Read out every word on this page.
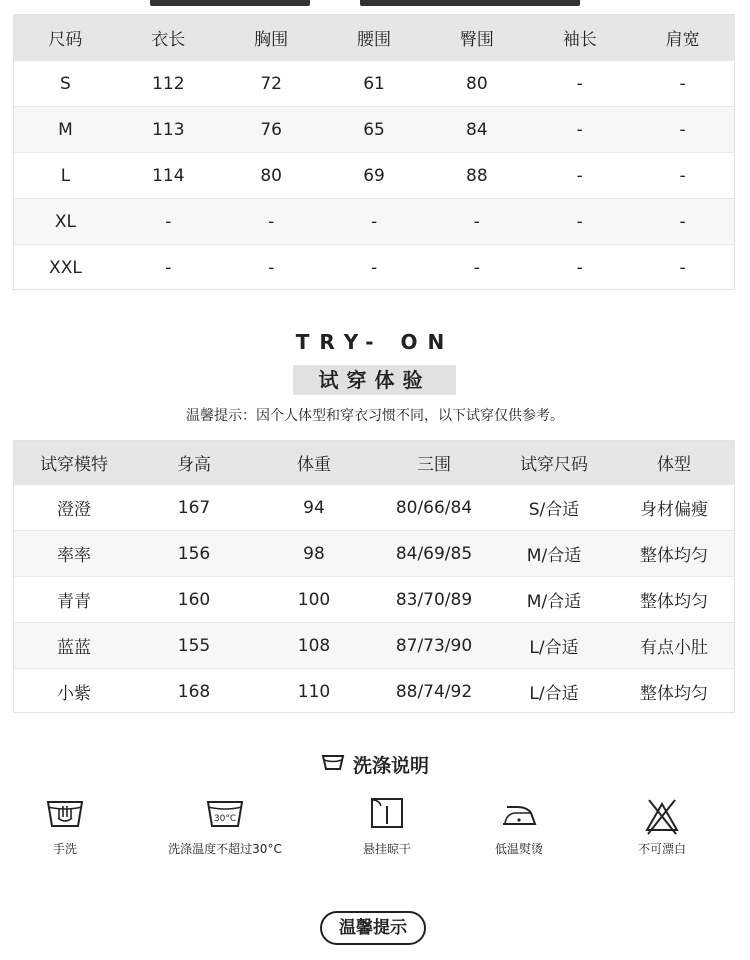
尺码	衣长	胸围	腰围	臀围	袖长	肩宽
S	112	72	61	80	-	-
M	113	76	65	84	-	-
L	114	80	69	88	-	-
XL	-	-	-	-	-	-
XXL	-	-	-	-	-	-
TRY- ON
试穿体验
温馨提示：因个人体型和穿衣习惯不同，以下试穿仅供参考。
试穿模特	身高	体重	三围	试穿尺码	体型
澄澄	167	94	80/66/84	S/合适	身材偏瘦
率率	156	98	84/69/85	M/合适	整体均匀
青青	160	100	83/70/89	M/合适	整体均匀
蓝蓝	155	108	87/73/90	L/合适	有点小肚
小紫	168	110	88/74/92	L/合适	整体均匀
洗涤说明
手洗
30°C
洗涤温度不超过30°C	悬挂晾干	低温熨烫	不可漂白
温馨提示
